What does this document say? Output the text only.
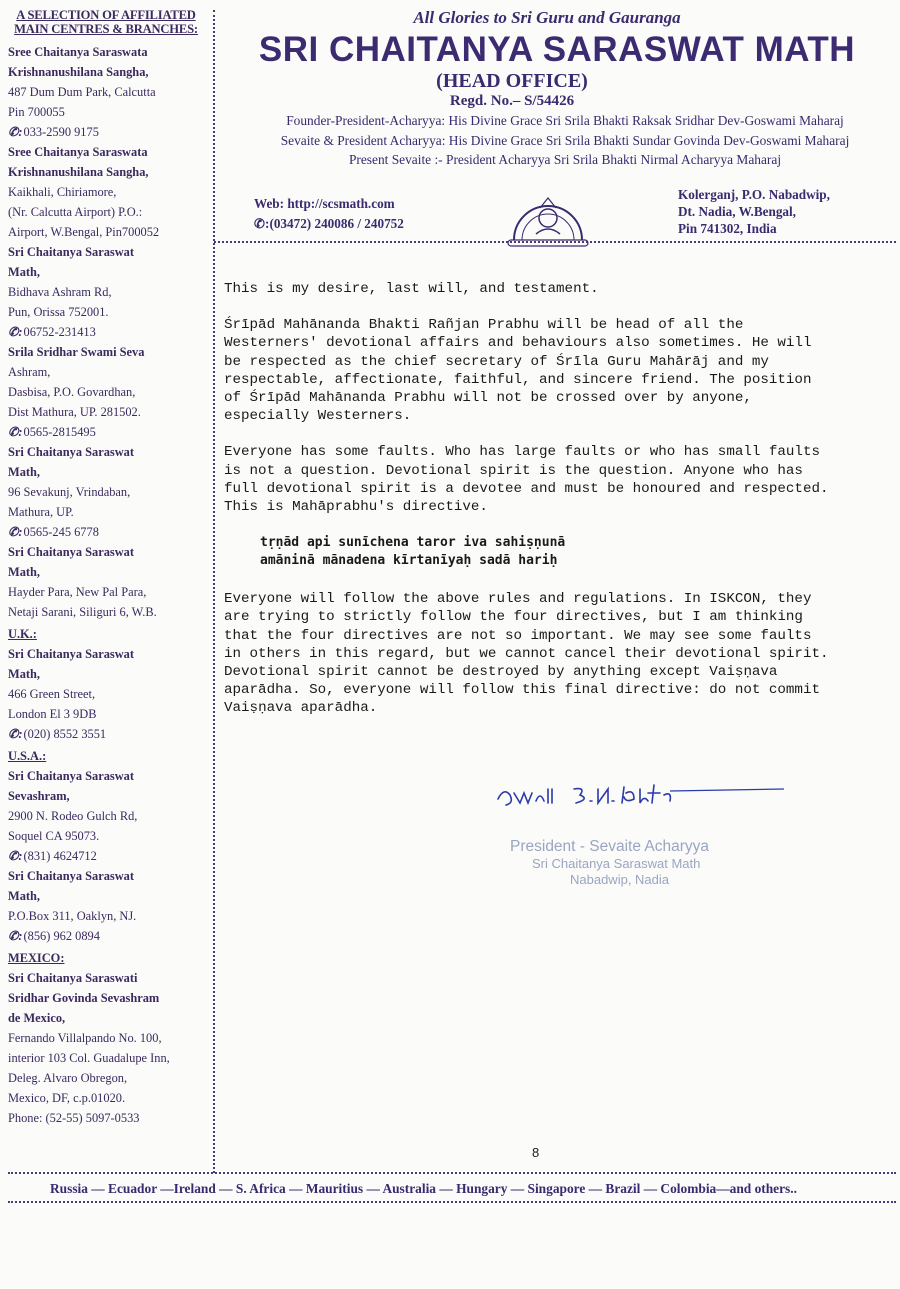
A SELECTION OF AFFILIATED MAIN CENTRES & BRANCHES:
Sree Chaitanya Saraswata
Krishnanushilana Sangha,
487 Dum Dum Park, Calcutta
Pin 700055
✆:033-2590 9175
Sree Chaitanya Saraswata
Krishnanushilana Sangha,
Kaikhali, Chiriamore,
(Nr. Calcutta Airport) P.O.:
Airport, W.Bengal, Pin700052
Sri Chaitanya Saraswat
Math,
Bidhava Ashram Rd,
Pun, Orissa 752001.
✆:06752-231413
Srila Sridhar Swami Seva
Ashram,
Dasbisa, P.O. Govardhan,
Dist Mathura, UP. 281502.
✆:0565-2815495
Sri Chaitanya Saraswat
Math,
96 Sevakunj, Vrindaban,
Mathura, UP.
✆:0565-245 6778
Sri Chaitanya Saraswat
Math,
Hayder Para, New Pal Para,
Netaji Sarani, Siliguri 6, W.B.
U.K.:
Sri Chaitanya Saraswat
Math,
466 Green Street,
London El 3 9DB
✆:(020) 8552 3551
U.S.A.:
Sri Chaitanya Saraswat
Sevashram,
2900 N. Rodeo Gulch Rd,
Soquel CA 95073.
✆:(831) 4624712
Sri Chaitanya Saraswat
Math,
P.O.Box 311, Oaklyn, NJ.
✆:(856) 962 0894
MEXICO:
Sri Chaitanya Saraswati
Sridhar Govinda Sevashram
de Mexico,
Fernando Villalpando No. 100,
interior 103 Col. Guadalupe Inn,
Deleg. Alvaro Obregon,
Mexico, DF, c.p.01020.
Phone: (52-55) 5097-0533
All Glories to Sri Guru and Gauranga
SRI CHAITANYA SARASWAT MATH
(HEAD OFFICE)
Regd. No.– S/54426
Founder-President-Acharyya: His Divine Grace Sri Srila Bhakti Raksak Sridhar Dev-Goswami Maharaj
Sevaite & President Acharyya: His Divine Grace Sri Srila Bhakti Sundar Govinda Dev-Goswami Maharaj
Present Sevaite :- President Acharyya Sri Srila Bhakti Nirmal Acharyya Maharaj
Web: http://scsmath.com
✆:(03472) 240086 / 240752
Kolerganj, P.O. Nabadwip,
Dt. Nadia, W.Bengal,
Pin 741302, India

This is my desire, last will, and testament.

Śrīpād Mahānanda Bhakti Rañjan Prabhu will be head of all the Westerners' devotional affairs and behaviours also sometimes. He will be respected as the chief secretary of Śrīla Guru Mahārāj and my respectable, affectionate, faithful, and sincere friend. The position of Śrīpād Mahānanda Prabhu will not be crossed over by anyone, especially Westerners.

Everyone has some faults. Who has large faults or who has small faults is not a question. Devotional spirit is the question. Anyone who has full devotional spirit is a devotee and must be honoured and respected. This is Mahāprabhu's directive.

tṛṇād api sunīchena taror iva sahiṣṇunā
amāninā mānadena kīrtanīyaḥ sadā hariḥ

Everyone will follow the above rules and regulations. In ISKCON, they are trying to strictly follow the four directives, but I am thinking that the four directives are not so important. We may see some faults in others in this regard, but we cannot cancel their devotional spirit. Devotional spirit cannot be destroyed by anything except Vaiṣṇava aparādha. So, everyone will follow this final directive: do not commit Vaiṣṇava aparādha.

President - Sevaite Acharyya
Sri Chaitanya Saraswat Math
Nabadwip, Nadia
8
Russia — Ecuador —Ireland — S. Africa — Mauritius — Australia — Hungary — Singapore — Brazil — Colombia—and others..
